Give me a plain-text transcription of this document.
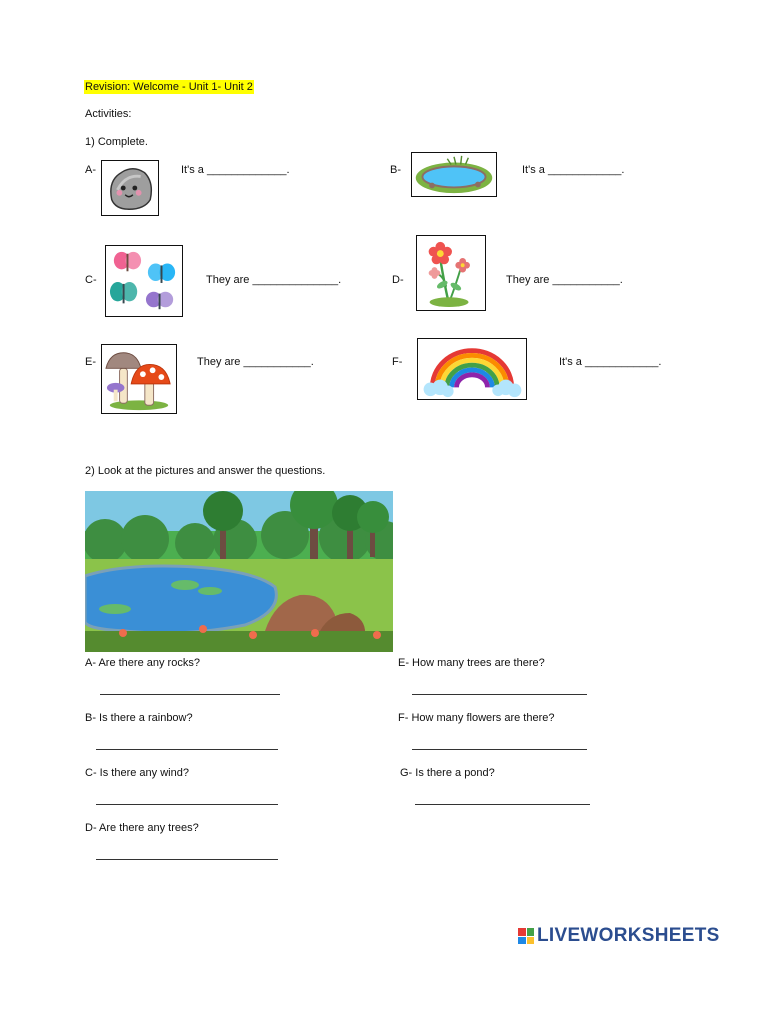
Revision: Welcome - Unit 1- Unit 2
Activities:
1) Complete.
A-	It's a _____________.	B-	It's a ____________.
C-	They are ______________.	D-	They are ___________.
E-	They are ___________.	F-	It's a ____________.
2) Look at the pictures and answer the questions.
A- Are there any rocks?
B- Is there a rainbow?
C- Is there any wind?
D- Are there any trees?
E- How many trees are there?
F- How many flowers are there?
G- Is there a pond?
LIVEWORKSHEETS
